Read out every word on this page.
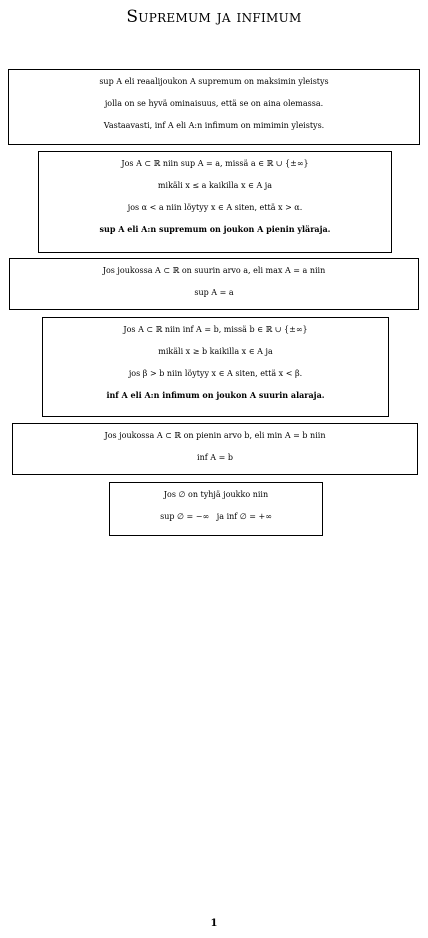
Supremum ja infimum
sup A eli reaalijoukon A supremum on maksimin yleistys
jolla on se hyvä ominaisuus, että se on aina olemassa.
Vastaavasti, inf A eli A:n infimum on mimimin yleistys.
Jos A ⊂ ℝ niin sup A = a, missä a ∈ ℝ ∪ {±∞}
mikäli x ≤ a kaikilla x ∈ A ja
jos α < a niin löytyy x ∈ A siten, että x > α.
sup A eli A:n supremum on joukon A pienin yläraja.
Jos joukossa A ⊂ ℝ on suurin arvo a, eli max A = a niin
sup A = a
Jos A ⊂ ℝ niin inf A = b, missä b ∈ ℝ ∪ {±∞}
mikäli x ≥ b kaikilla x ∈ A ja
jos β > b niin löytyy x ∈ A siten, että x < β.
inf A eli A:n infimum on joukon A suurin alaraja.
Jos joukossa A ⊂ ℝ on pienin arvo b, eli min A = b niin
inf A = b
Jos ∅ on tyhjä joukko niin
sup ∅ = −∞   ja inf ∅ = +∞
1
